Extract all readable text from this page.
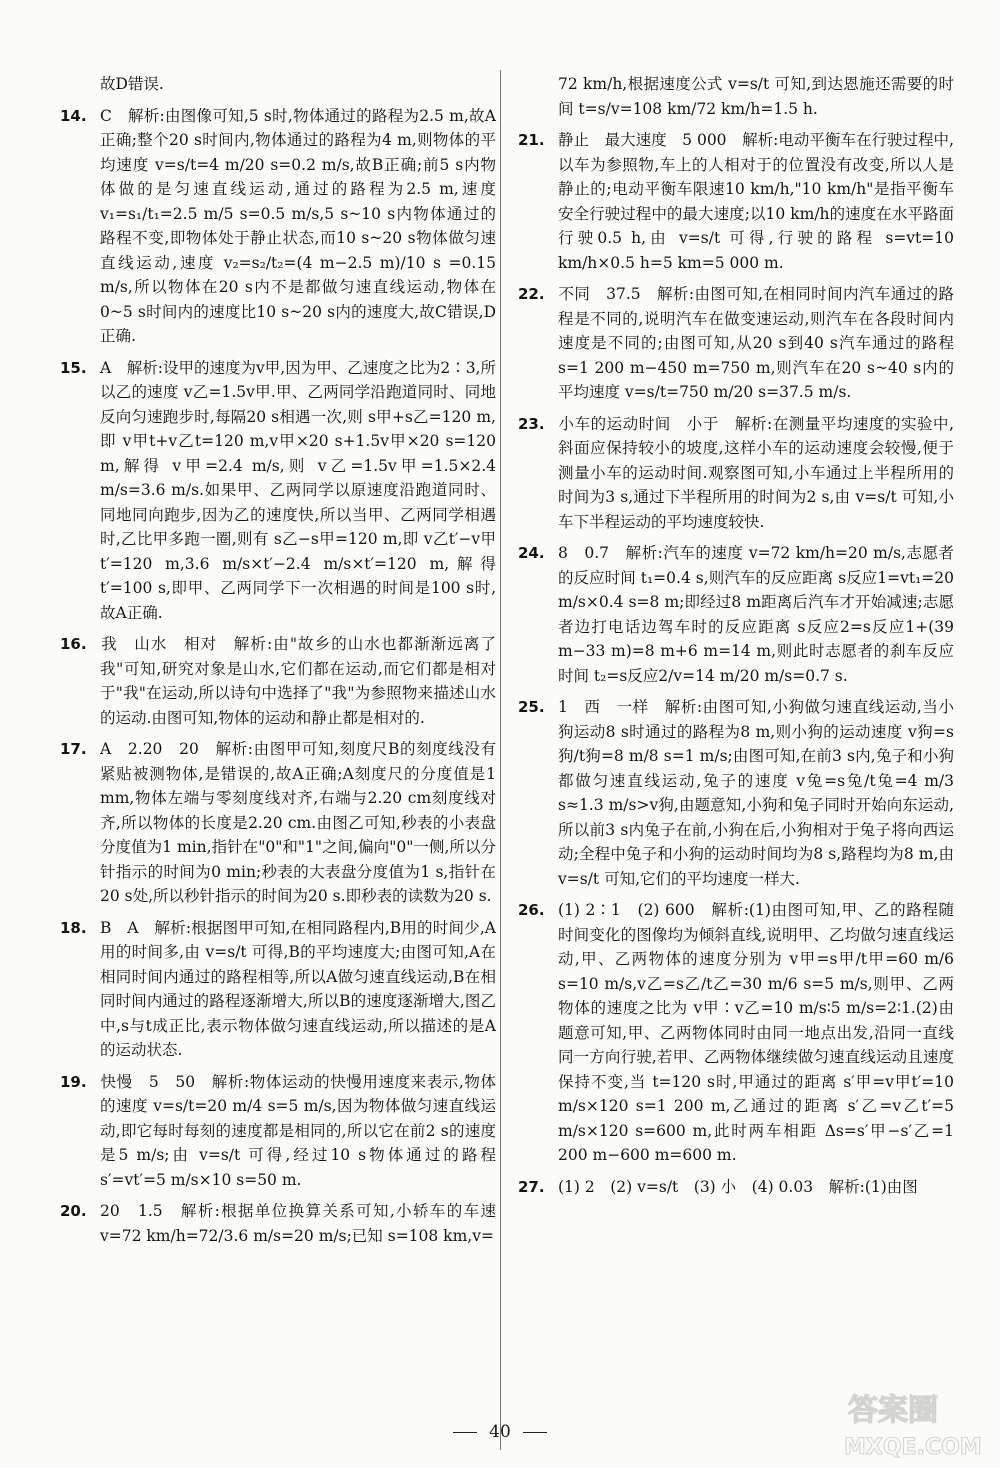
故D错误.

14. C　 解析:由图像可知,5 s时,物体通过的路程为2.5 m,故A正确;整个20 s时间内,物体通过的路程为4 m,则物体的平均速度 v=s/t=4 m/20 s=0.2 m/s,故B正确;前5 s内物体做的是匀速直线运动,通过的路程为2.5 m,速度 v₁=s₁/t₁=2.5 m/5 s=0.5 m/s,5 s~10 s内物体通过的路程不变,即物体处于静止状态,而10 s~20 s物体做匀速直线运动,速度 v₂=s₂/t₂=(4 m−2.5 m)/10 s =0.15 m/s,所以物体在20 s内不是都做匀速直线运动,物体在0~5 s时间内的速度比10 s~20 s内的速度大,故C错误,D正确.

15. A　 解析:设甲的速度为v甲,因为甲、乙速度之比为2∶3,所以乙的速度 v乙=1.5v甲.甲、乙两同学沿跑道同时、同地反向匀速跑步时,每隔20 s相遇一次,则 s甲+s乙=120 m,即 v甲t+v乙t=120 m,v甲×20 s+1.5v甲×20 s=120 m,解得 v甲=2.4 m/s,则 v乙=1.5v甲=1.5×2.4 m/s=3.6 m/s.如果甲、乙两同学以原速度沿跑道同时、同地同向跑步,因为乙的速度快,所以当甲、乙两同学相遇时,乙比甲多跑一圈,则有 s乙−s甲=120 m,即 v乙t′−v甲t′=120 m,3.6 m/s×t′−2.4 m/s×t′=120 m,解得 t′=100 s,即甲、乙两同学下一次相遇的时间是100 s时,故A正确.

16. 我　山水　相对　 解析:由"故乡的山水也都渐渐远离了我"可知,研究对象是山水,它们都在运动,而它们都是相对于"我"在运动,所以诗句中选择了"我"为参照物来描述山水的运动.由图可知,物体的运动和静止都是相对的.

17. A　2.20　20　 解析:由图甲可知,刻度尺B的刻度线没有紧贴被测物体,是错误的,故A正确;A刻度尺的分度值是1 mm,物体左端与零刻度线对齐,右端与2.20 cm刻度线对齐,所以物体的长度是2.20 cm.由图乙可知,秒表的小表盘分度值为1 min,指针在"0"和"1"之间,偏向"0"一侧,所以分针指示的时间为0 min;秒表的大表盘分度值为1 s,指针在20 s处,所以秒针指示的时间为20 s.即秒表的读数为20 s.

18. B　A　 解析:根据图甲可知,在相同路程内,B用的时间少,A用的时间多,由 v=s/t 可得,B的平均速度大;由图可知,A在相同时间内通过的路程相等,所以A做匀速直线运动,B在相同时间内通过的路程逐渐增大,所以B的速度逐渐增大,图乙中,s与t成正比,表示物体做匀速直线运动,所以描述的是A的运动状态.

19. 快慢　5　50　 解析:物体运动的快慢用速度来表示,物体的速度 v=s/t=20 m/4 s=5 m/s,因为物体做匀速直线运动,即它每时每刻的速度都是相同的,所以它在前2 s的速度是5 m/s;由 v=s/t 可得,经过10 s物体通过的路程 s′=vt′=5 m/s×10 s=50 m.

20. 20　1.5　 解析:根据单位换算关系可知,小轿车的车速 v=72 km/h=72/3.6 m/s=20 m/s;已知 s=108 km,v=

72 km/h,根据速度公式 v=s/t 可知,到达恩施还需要的时间 t=s/v=108 km/72 km/h=1.5 h.

21. 静止　最大速度　5 000　 解析:电动平衡车在行驶过程中,以车为参照物,车上的人相对于的位置没有改变,所以人是静止的;电动平衡车限速10 km/h,"10 km/h"是指平衡车安全行驶过程中的最大速度;以10 km/h的速度在水平路面行驶0.5 h,由 v=s/t 可得,行驶的路程 s=vt=10 km/h×0.5 h=5 km=5 000 m.

22. 不同　37.5　 解析:由图可知,在相同时间内汽车通过的路程是不同的,说明汽车在做变速运动,则汽车在各段时间内速度是不同的;由图可知,从20 s到40 s汽车通过的路程 s=1 200 m−450 m=750 m,则汽车在20 s~40 s内的平均速度 v=s/t=750 m/20 s=37.5 m/s.

23. 小车的运动时间　小于　 解析:在测量平均速度的实验中,斜面应保持较小的坡度,这样小车的运动速度会较慢,便于测量小车的运动时间.观察图可知,小车通过上半程所用的时间为3 s,通过下半程所用的时间为2 s,由 v=s/t 可知,小车下半程运动的平均速度较快.

24. 8　0.7　 解析:汽车的速度 v=72 km/h=20 m/s,志愿者的反应时间 t₁=0.4 s,则汽车的反应距离 s反应1=vt₁=20 m/s×0.4 s=8 m;即经过8 m距离后汽车才开始减速;志愿者边打电话边驾车时的反应距离 s反应2=s反应1+(39 m−33 m)=8 m+6 m=14 m,则此时志愿者的刹车反应时间 t₂=s反应2/v=14 m/20 m/s=0.7 s.

25. 1　西　一样　 解析:由图可知,小狗做匀速直线运动,当小狗运动8 s时通过的路程为8 m,则小狗的运动速度 v狗=s狗/t狗=8 m/8 s=1 m/s;由图可知,在前3 s内,兔子和小狗都做匀速直线运动,兔子的速度 v兔=s兔/t兔=4 m/3 s≈1.3 m/s>v狗,由题意知,小狗和兔子同时开始向东运动,所以前3 s内兔子在前,小狗在后,小狗相对于兔子将向西运动;全程中兔子和小狗的运动时间均为8 s,路程均为8 m,由 v=s/t 可知,它们的平均速度一样大.

26. (1) 2∶1　(2) 600　 解析:(1)由图可知,甲、乙的路程随时间变化的图像均为倾斜直线,说明甲、乙均做匀速直线运动,甲、乙两物体的速度分别为 v甲=s甲/t甲=60 m/6 s=10 m/s,v乙=s乙/t乙=30 m/6 s=5 m/s,则甲、乙两物体的速度之比为 v甲∶v乙=10 m/s∶5 m/s=2∶1.(2)由题意可知,甲、乙两物体同时由同一地点出发,沿同一直线同一方向行驶,若甲、乙两物体继续做匀速直线运动且速度保持不变,当 t=120 s时,甲通过的距离 s′甲=v甲t′=10 m/s×120 s=1 200 m,乙通过的距离 s′乙=v乙t′=5 m/s×120 s=600 m,此时两车相距 Δs=s′甲−s′乙=1 200 m−600 m=600 m.

27. (1) 2　(2) v=s/t　(3) 小　(4) 0.03　 解析:(1)由图

40
答案圈
MXQE.COM
